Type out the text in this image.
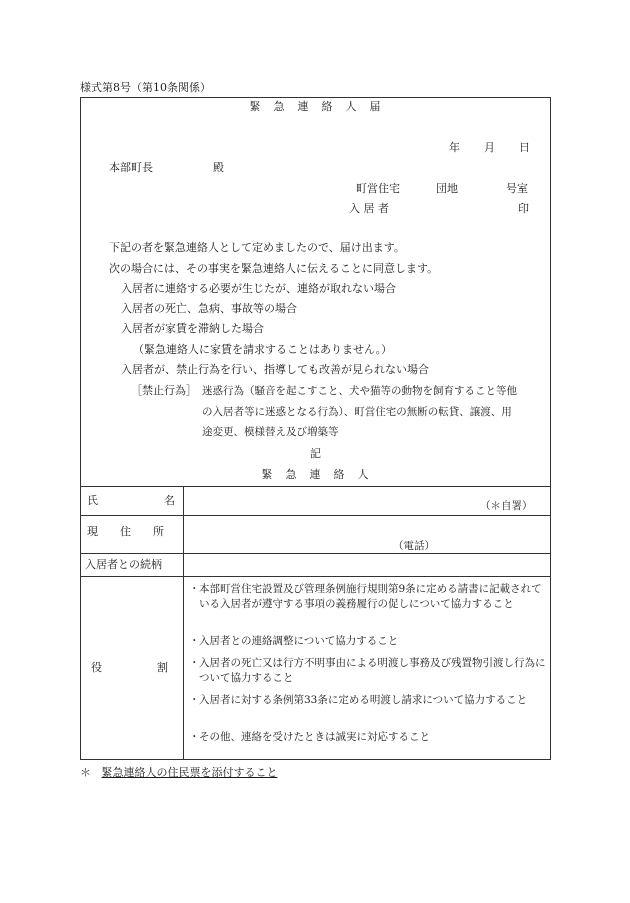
様式第8号（第10条関係）
緊　急　連　絡　人　届
年 月 日
本部町長	殿
町営住宅	団地	号室
入 居 者	印
下記の者を緊急連絡人として定めましたので、届け出ます。
次の場合には、その事実を緊急連絡人に伝えることに同意します。
入居者に連絡する必要が生じたが、連絡が取れない場合
入居者の死亡、急病、事故等の場合
入居者が家賃を滞納した場合
（緊急連絡人に家賃を請求することはありません。）
入居者が、禁止行為を行い、指導しても改善が見られない場合
［禁止行為］ 迷惑行為（騒音を起こすこと、犬や猫等の動物を飼育すること等他
の入居者等に迷惑となる行為）、町営住宅の無断の転貸、譲渡、用
途変更、模様替え及び増築等
記
緊　急　連　絡　人
氏　　　　　　名	（＊自署）
現　　住　　所
（電話）
入居者との続柄
役　　　　　割
・ 本部町営住宅設置及び管理条例施行規則第9条に定める請書に記載されている入居者が遵守する事項の義務履行の促しについて協力すること
・ 入居者との連絡調整について協力すること
・ 入居者の死亡又は行方不明事由による明渡し事務及び残置物引渡し行為について協力すること
・ 入居者に対する条例第33条に定める明渡し請求について協力すること
・ その他、連絡を受けたときは誠実に対応すること
＊ 緊急連絡人の住民票を添付すること
